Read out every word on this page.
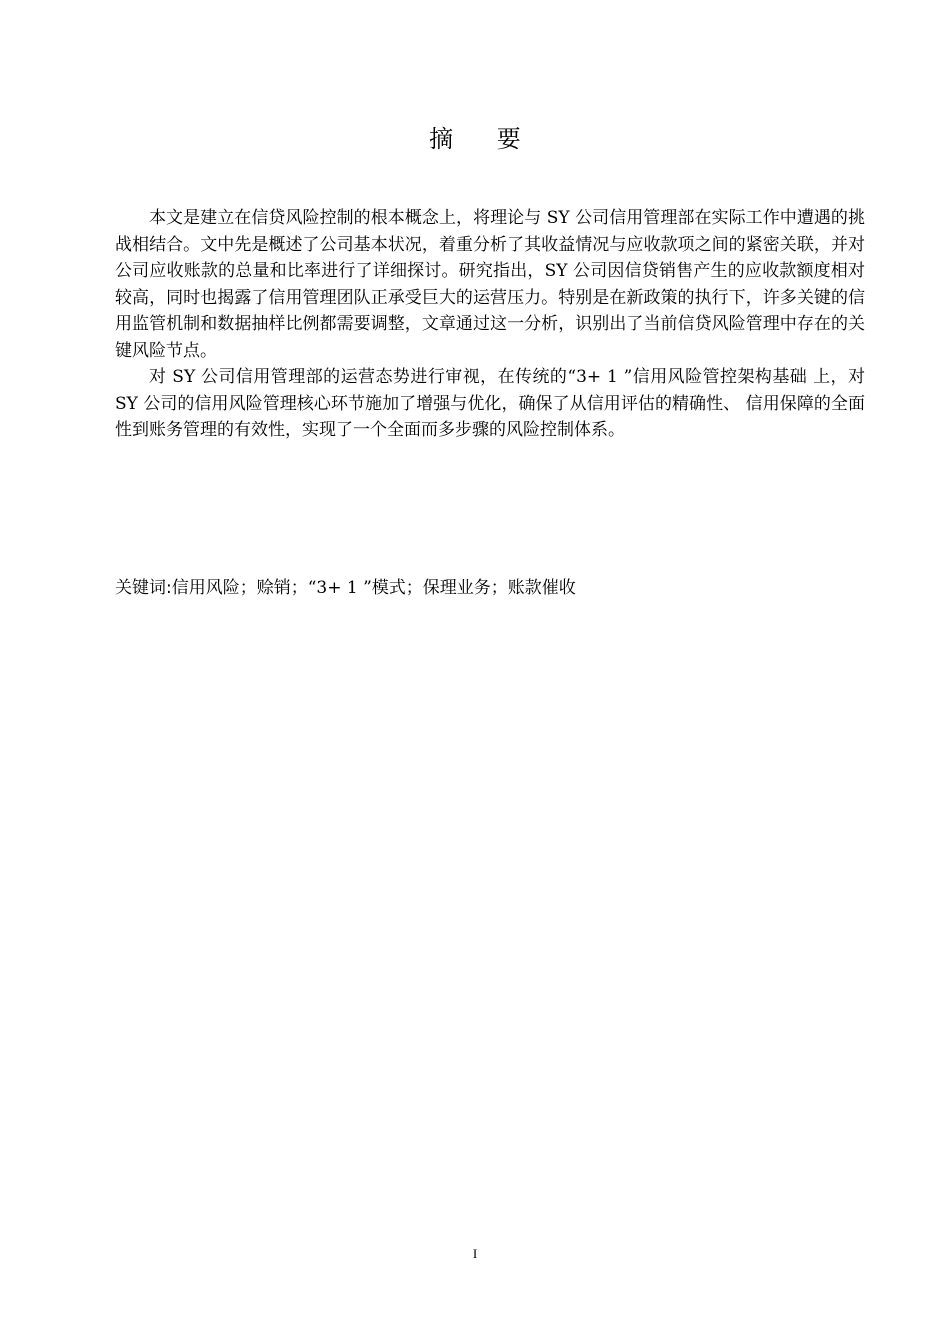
摘 要

本文是建立在信贷风险控制的根本概念上，将理论与 SY 公司信用管理部在实际工作中遭遇的挑战相结合。文中先是概述了公司基本状况，着重分析了其收益情况与应收款项之间的紧密关联，并对公司应收账款的总量和比率进行了详细探讨。研究指出，SY 公司因信贷销售产生的应收款额度相对较高，同时也揭露了信用管理团队正承受巨大的运营压力。特别是在新政策的执行下，许多关键的信用监管机制和数据抽样比例都需要调整，文章通过这一分析，识别出了当前信贷风险管理中存在的关键风险节点。

对 SY 公司信用管理部的运营态势进行审视，在传统的“3+ 1 ”信用风险管控架构基础 上，对 SY 公司的信用风险管理核心环节施加了增强与优化，确保了从信用评估的精确性、 信用保障的全面性到账务管理的有效性，实现了一个全面而多步骤的风险控制体系。

关键词:信用风险；赊销；“3+ 1 ”模式；保理业务；账款催收
I
